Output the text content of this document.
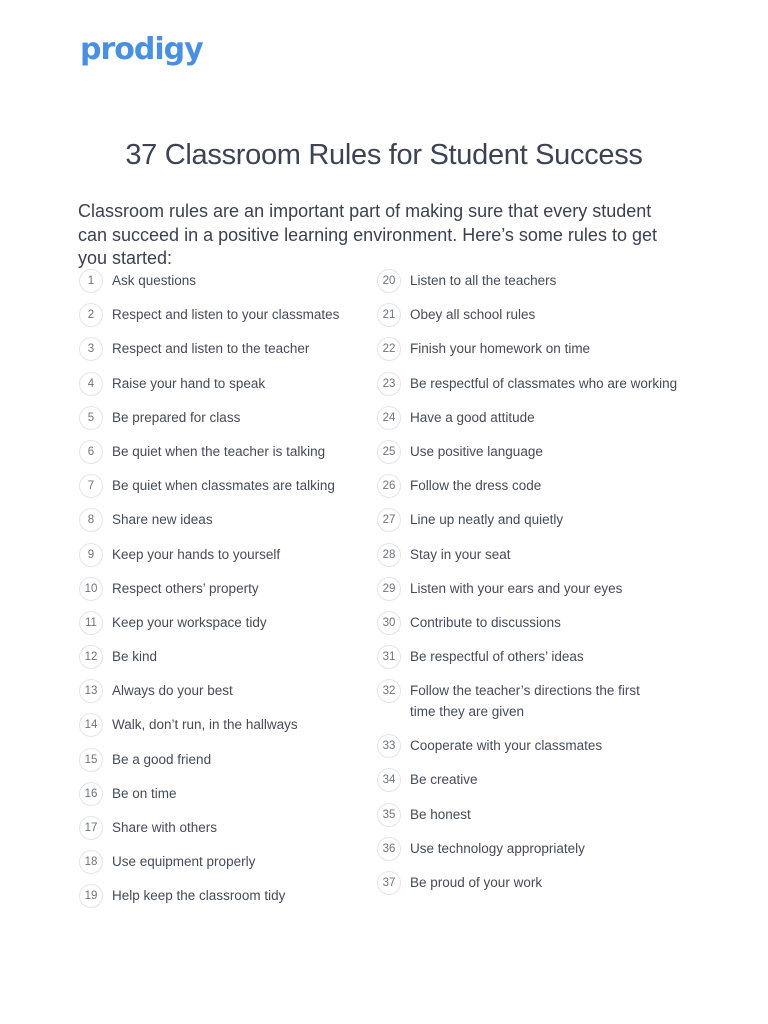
prodigy
37 Classroom Rules for Student Success

Classroom rules are an important part of making sure that every student can succeed in a positive learning environment. Here’s some rules to get you started:

1	Ask questions
2	Respect and listen to your classmates
3	Respect and listen to the teacher
4	Raise your hand to speak
5	Be prepared for class
6	Be quiet when the teacher is talking
7	Be quiet when classmates are talking
8	Share new ideas
9	Keep your hands to yourself
10	Respect others’ property
11	Keep your workspace tidy
12	Be kind
13	Always do your best
14	Walk, don’t run, in the hallways
15	Be a good friend
16	Be on time
17	Share with others
18	Use equipment properly
19	Help keep the classroom tidy
20	Listen to all the teachers
21	Obey all school rules
22	Finish your homework on time
23	Be respectful of classmates who are working
24	Have a good attitude
25	Use positive language
26	Follow the dress code
27	Line up neatly and quietly
28	Stay in your seat
29	Listen with your ears and your eyes
30	Contribute to discussions
31	Be respectful of others’ ideas
32	Follow the teacher’s directions the first time they are given
33	Cooperate with your classmates
34	Be creative
35	Be honest
36	Use technology appropriately
37	Be proud of your work
